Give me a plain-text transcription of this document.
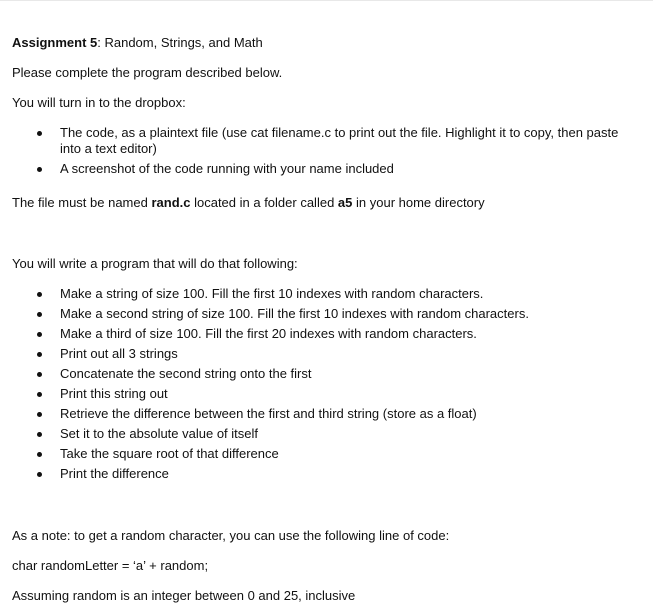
Assignment 5: Random, Strings, and Math
Please complete the program described below.
You will turn in to the dropbox:
The code, as a plaintext file (use cat filename.c to print out the file. Highlight it to copy, then paste into a text editor)
A screenshot of the code running with your name included
The file must be named rand.c located in a folder called a5 in your home directory
You will write a program that will do that following:
Make a string of size 100. Fill the first 10 indexes with random characters.
Make a second string of size 100. Fill the first 10 indexes with random characters.
Make a third of size 100. Fill the first 20 indexes with random characters.
Print out all 3 strings
Concatenate the second string onto the first
Print this string out
Retrieve the difference between the first and third string (store as a float)
Set it to the absolute value of itself
Take the square root of that difference
Print the difference
As a note: to get a random character, you can use the following line of code:
char randomLetter = ‘a’ + random;
Assuming random is an integer between 0 and 25, inclusive
